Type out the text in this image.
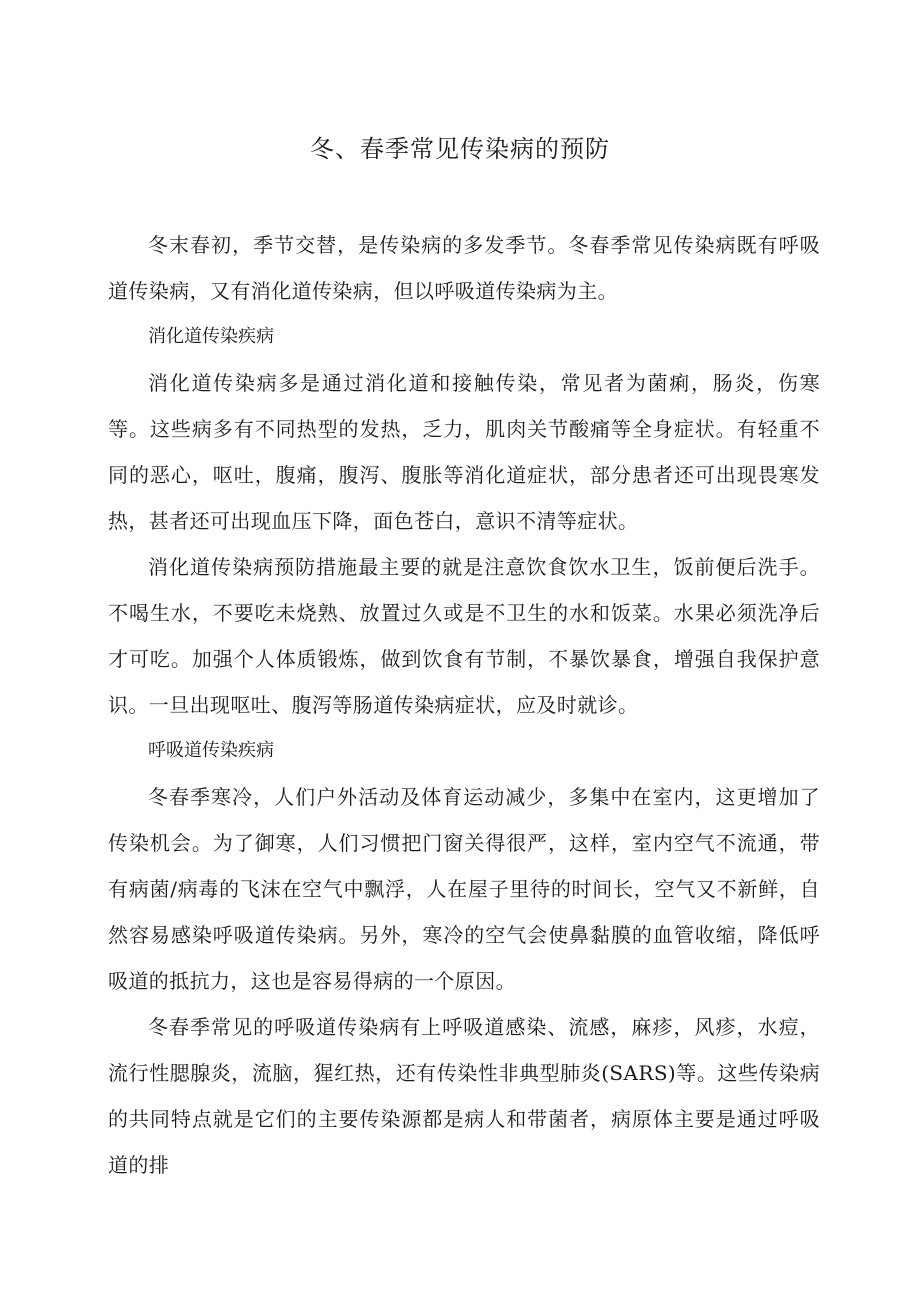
冬、春季常见传染病的预防

冬末春初，季节交替，是传染病的多发季节。冬春季常见传染病既有呼吸道传染病，又有消化道传染病，但以呼吸道传染病为主。

消化道传染疾病

消化道传染病多是通过消化道和接触传染，常见者为菌痢，肠炎，伤寒等。这些病多有不同热型的发热，乏力，肌肉关节酸痛等全身症状。有轻重不同的恶心，呕吐，腹痛，腹泻、腹胀等消化道症状，部分患者还可出现畏寒发热，甚者还可出现血压下降，面色苍白，意识不清等症状。

消化道传染病预防措施最主要的就是注意饮食饮水卫生，饭前便后洗手。不喝生水，不要吃未烧熟、放置过久或是不卫生的水和饭菜。水果必须洗净后才可吃。加强个人体质锻炼，做到饮食有节制，不暴饮暴食，增强自我保护意识。一旦出现呕吐、腹泻等肠道传染病症状，应及时就诊。

呼吸道传染疾病

冬春季寒冷，人们户外活动及体育运动减少，多集中在室内，这更增加了传染机会。为了御寒，人们习惯把门窗关得很严，这样，室内空气不流通，带有病菌/病毒的飞沫在空气中飘浮，人在屋子里待的时间长，空气又不新鲜，自然容易感染呼吸道传染病。另外，寒冷的空气会使鼻黏膜的血管收缩，降低呼吸道的抵抗力，这也是容易得病的一个原因。

冬春季常见的呼吸道传染病有上呼吸道感染、流感，麻疹，风疹，水痘，流行性腮腺炎，流脑，猩红热，还有传染性非典型肺炎(SARS)等。这些传染病的共同特点就是它们的主要传染源都是病人和带菌者，病原体主要是通过呼吸道的排
